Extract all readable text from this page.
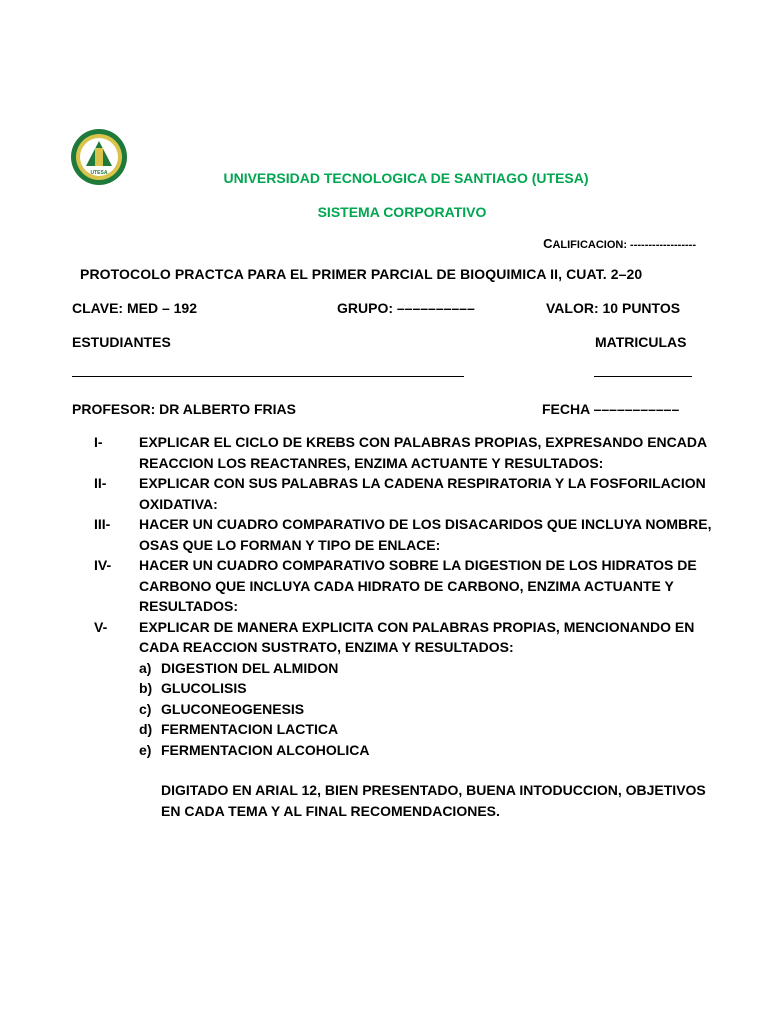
UTESA	UNIVERSIDAD TECNOLOGICA DE SANTIAGO (UTESA)
SISTEMA CORPORATIVO
CALIFICACION: ------------------
PROTOCOLO PRACTCA PARA EL PRIMER PARCIAL DE BIOQUIMICA II, CUAT. 2–20
CLAVE: MED – 192	GRUPO: ––––––––––	VALOR: 10 PUNTOS
ESTUDIANTES	MATRICULAS
PROFESOR: DR ALBERTO FRIAS	FECHA –––––––––––
I-	EXPLICAR EL CICLO DE KREBS CON PALABRAS PROPIAS, EXPRESANDO ENCADA REACCION LOS REACTANRES, ENZIMA ACTUANTE Y RESULTADOS:
II-	EXPLICAR CON SUS PALABRAS LA CADENA RESPIRATORIA Y LA FOSFORILACION OXIDATIVA:
III-	HACER UN CUADRO COMPARATIVO DE LOS DISACARIDOS QUE INCLUYA NOMBRE, OSAS QUE LO FORMAN Y TIPO DE ENLACE:
IV-	HACER UN CUADRO COMPARATIVO SOBRE LA DIGESTION DE LOS HIDRATOS DE CARBONO QUE INCLUYA CADA HIDRATO DE CARBONO, ENZIMA ACTUANTE Y RESULTADOS:
V-	EXPLICAR DE MANERA EXPLICITA CON PALABRAS PROPIAS, MENCIONANDO EN CADA REACCION SUSTRATO, ENZIMA Y RESULTADOS:
a) DIGESTION DEL ALMIDON
b) GLUCOLISIS
c) GLUCONEOGENESIS
d) FERMENTACION LACTICA
e) FERMENTACION ALCOHOLICA
DIGITADO EN ARIAL 12, BIEN PRESENTADO, BUENA INTODUCCION, OBJETIVOS EN CADA TEMA Y AL FINAL RECOMENDACIONES.
